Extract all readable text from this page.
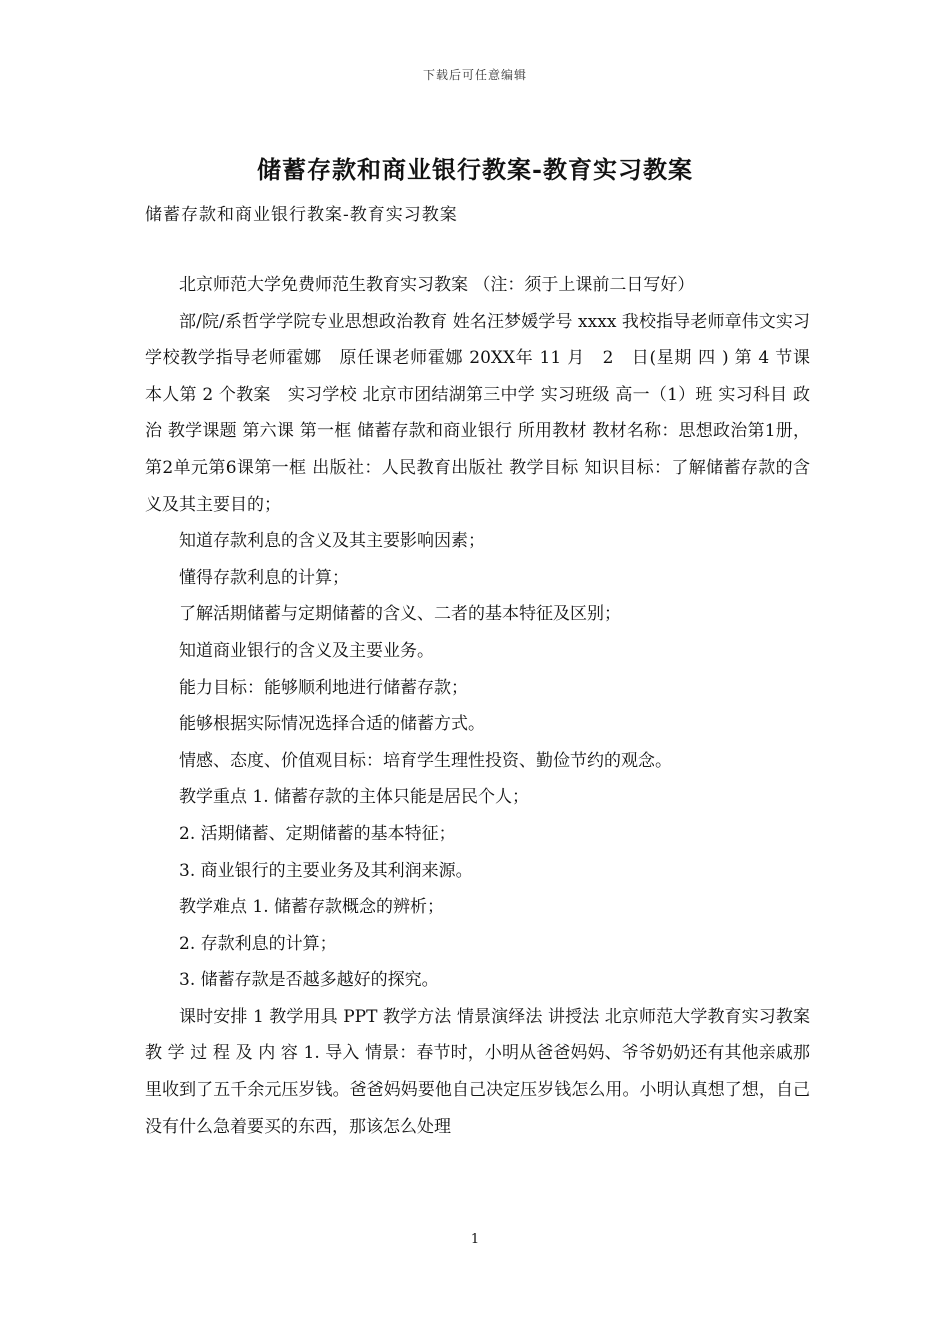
下载后可任意编辑
储蓄存款和商业银行教案-教育实习教案
储蓄存款和商业银行教案-教育实习教案

北京师范大学免费师范生教育实习教案 （注：须于上课前二日写好）

部/院/系哲学学院专业思想政治教育 姓名汪梦媛学号 xxxx 我校指导老师章伟文实习学校教学指导老师霍娜　原任课老师霍娜 20XX年 11 月　2　日(星期 四 ) 第 4 节课　　　本人第 2 个教案　实习学校 北京市团结湖第三中学 实习班级 高一（1）班 实习科目 政治 教学课题 第六课 第一框 储蓄存款和商业银行 所用教材 教材名称：思想政治第1册，第2单元第6课第一框 出版社：人民教育出版社 教学目标 知识目标：了解储蓄存款的含义及其主要目的；

知道存款利息的含义及其主要影响因素；

懂得存款利息的计算；

了解活期储蓄与定期储蓄的含义、二者的基本特征及区别；

知道商业银行的含义及主要业务。

能力目标：能够顺利地进行储蓄存款；

能够根据实际情况选择合适的储蓄方式。

情感、态度、价值观目标：培育学生理性投资、勤俭节约的观念。

教学重点 1. 储蓄存款的主体只能是居民个人；

2. 活期储蓄、定期储蓄的基本特征；

3. 商业银行的主要业务及其利润来源。

教学难点 1. 储蓄存款概念的辨析；

2. 存款利息的计算；

3. 储蓄存款是否越多越好的探究。

课时安排 1 教学用具 PPT 教学方法 情景演绎法 讲授法 北京师范大学教育实习教案 教 学 过 程 及 内 容 1. 导入 情景：春节时，小明从爸爸妈妈、爷爷奶奶还有其他亲戚那里收到了五千余元压岁钱。爸爸妈妈要他自己决定压岁钱怎么用。小明认真想了想，自己没有什么急着要买的东西，那该怎么处理

1
